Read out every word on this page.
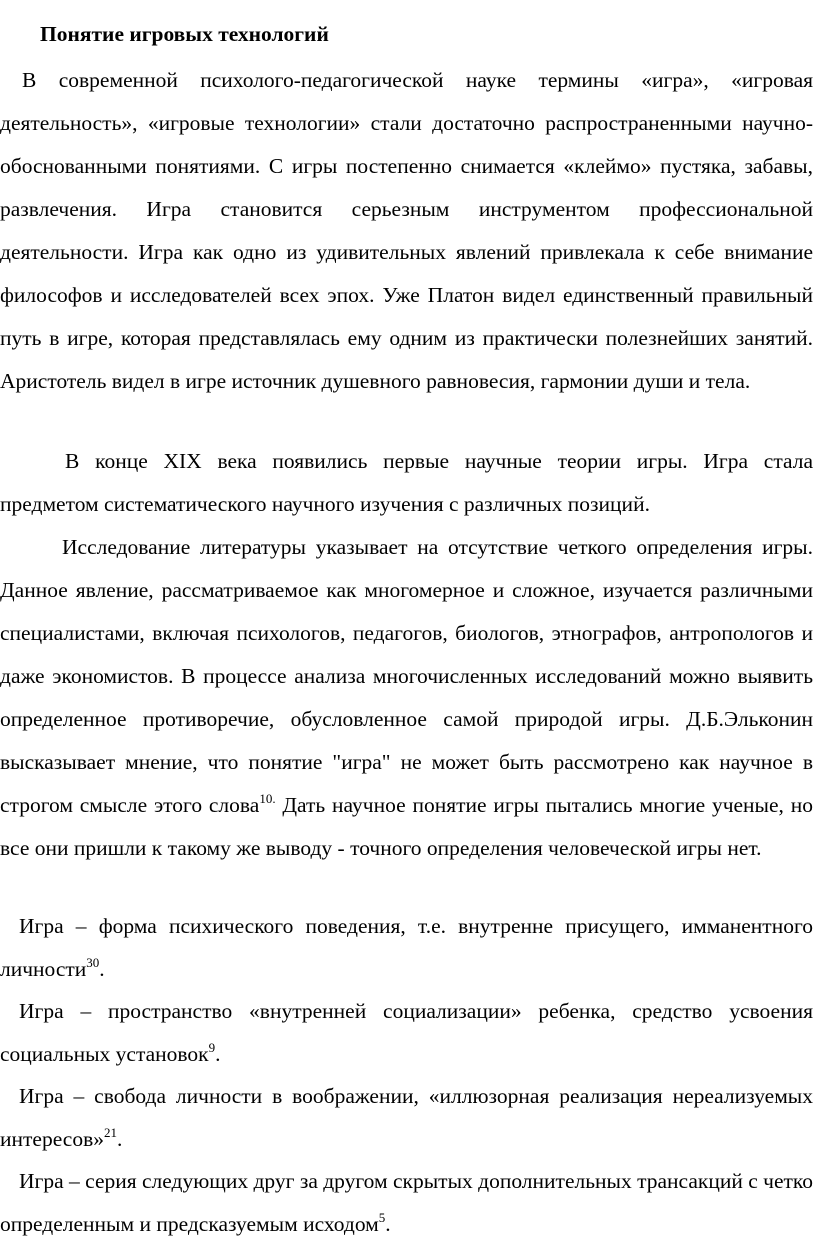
Понятие игровых технологий

В современной психолого-педагогической науке термины «игра», «игровая деятельность», «игровые технологии» стали достаточно распространенными научно-обоснованными понятиями. С игры постепенно снимается «клеймо» пустяка, забавы, развлечения. Игра становится серьезным инструментом профессиональной деятельности. Игра как одно из удивительных явлений привлекала к себе внимание философов и исследователей всех эпох. Уже Платон видел единственный правильный путь в игре, которая представлялась ему одним из практически полезнейших занятий. Аристотель видел в игре источник душевного равновесия, гармонии души и тела.

В конце XIX века появились первые научные теории игры. Игра стала предметом систематического научного изучения с различных позиций.

Исследование литературы указывает на отсутствие четкого определения игры. Данное явление, рассматриваемое как многомерное и сложное, изучается различными специалистами, включая психологов, педагогов, биологов, этнографов, антропологов и даже экономистов. В процессе анализа многочисленных исследований можно выявить определенное противоречие, обусловленное самой природой игры. Д.Б.Эльконин высказывает мнение, что понятие "игра" не может быть рассмотрено как научное в строгом смысле этого слова$^{10.}$ Дать научное понятие игры пытались многие ученые, но все они пришли к такому же выводу - точного определения человеческой игры нет.

Игра – форма психического поведения, т.е. внутренне присущего, имманентного личности$^{30}$.

Игра – пространство «внутренней социализации» ребенка, средство усвоения социальных установок$^9$.

Игра – свобода личности в воображении, «иллюзорная реализация нереализуемых интересов»$^{21}$.

Игра – серия следующих друг за другом скрытых дополнительных трансакций с четко определенным и предсказуемым исходом$^5$.
